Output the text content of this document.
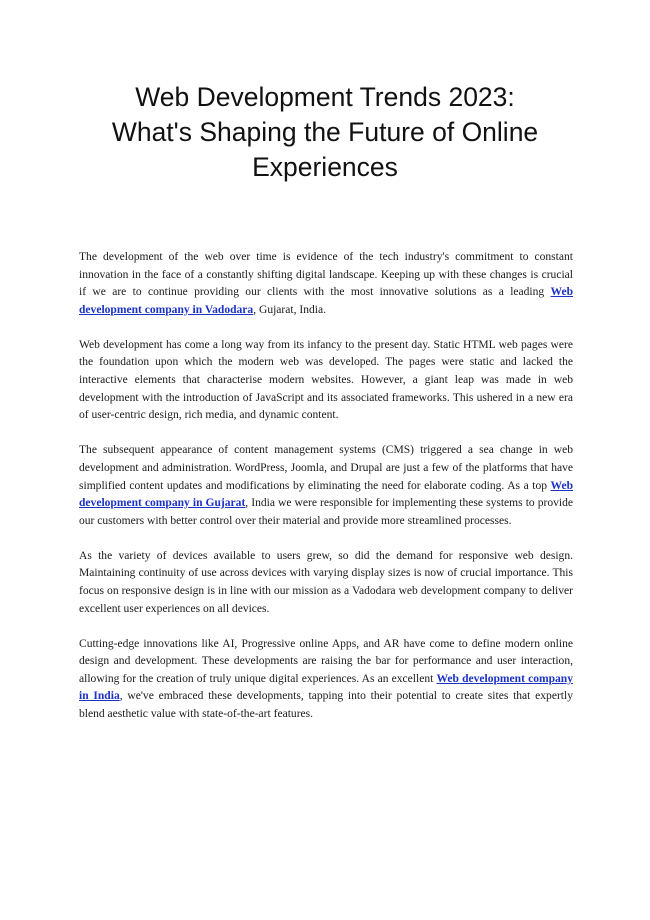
Web Development Trends 2023:
What's Shaping the Future of Online
Experiences

The development of the web over time is evidence of the tech industry's commitment to constant innovation in the face of a constantly shifting digital landscape. Keeping up with these changes is crucial if we are to continue providing our clients with the most innovative solutions as a leading Web development company in Vadodara, Gujarat, India.

Web development has come a long way from its infancy to the present day. Static HTML web pages were the foundation upon which the modern web was developed. The pages were static and lacked the interactive elements that characterise modern websites. However, a giant leap was made in web development with the introduction of JavaScript and its associated frameworks. This ushered in a new era of user-centric design, rich media, and dynamic content.

The subsequent appearance of content management systems (CMS) triggered a sea change in web development and administration. WordPress, Joomla, and Drupal are just a few of the platforms that have simplified content updates and modifications by eliminating the need for elaborate coding. As a top Web development company in Gujarat, India we were responsible for implementing these systems to provide our customers with better control over their material and provide more streamlined processes.

As the variety of devices available to users grew, so did the demand for responsive web design. Maintaining continuity of use across devices with varying display sizes is now of crucial importance. This focus on responsive design is in line with our mission as a Vadodara web development company to deliver excellent user experiences on all devices.

Cutting-edge innovations like AI, Progressive online Apps, and AR have come to define modern online design and development. These developments are raising the bar for performance and user interaction, allowing for the creation of truly unique digital experiences. As an excellent Web development company in India, we've embraced these developments, tapping into their potential to create sites that expertly blend aesthetic value with state-of-the-art features.
